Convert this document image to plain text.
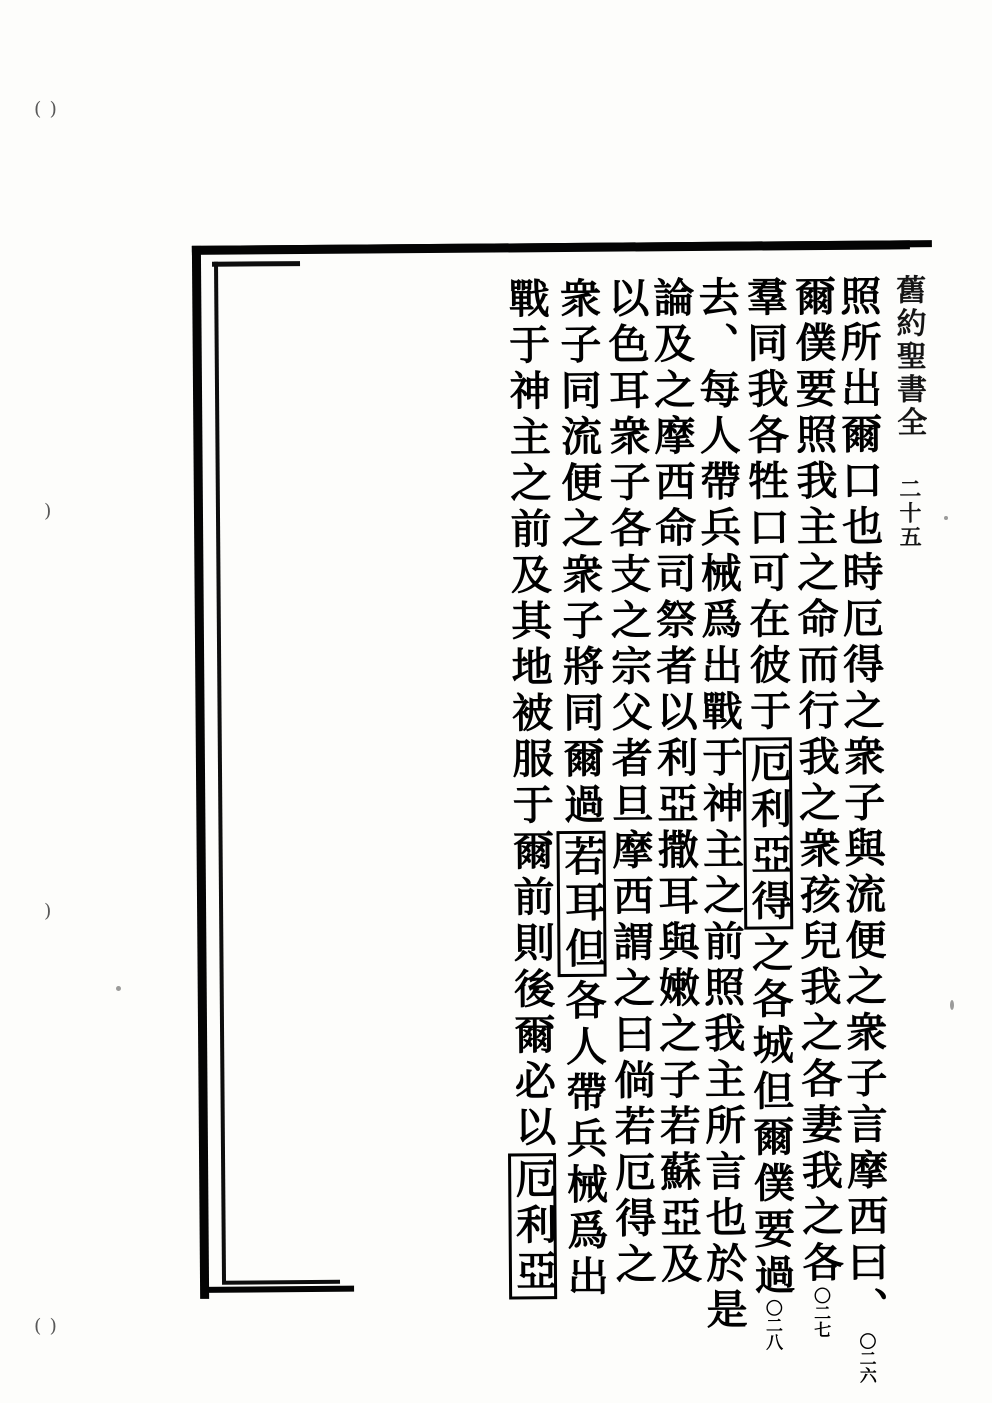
( )
)
)
( )
舊約聖書全 二十五
照所出爾口也時厄得之衆子與流便之衆子言摩西曰、〇二六
爾僕要照我主之命而行我之衆孩兒我之各妻我之各〇二七
羣同我各牲口可在彼于厄利亞得之各城但爾僕要過〇二八
去、每人帶兵械爲出戰于神主之前照我主所言也於是
論及之摩西命司祭者以利亞撒耳與嫩之子若蘇亞及
以色耳衆子各支之宗父者旦摩西謂之曰倘若厄得之
衆子同流便之衆子將同爾過若耳但各人帶兵械爲出
戰于神主之前及其地被服于爾前則後爾必以厄利亞
